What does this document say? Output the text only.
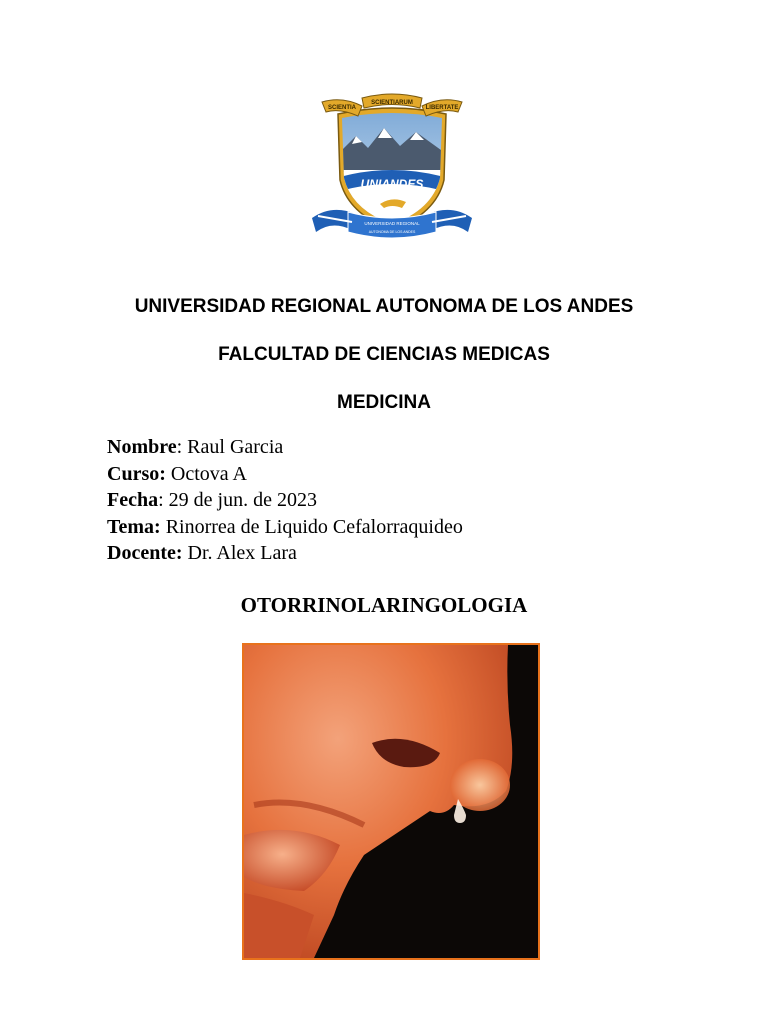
SCIENTIA
SCIENTIARUM
LIBERTATE
UNIANDES
UNIVERSIDAD REGIONAL
AUTONOMA DE LOS ANDES
UNIVERSIDAD REGIONAL AUTONOMA DE LOS ANDES
FALCULTAD DE CIENCIAS MEDICAS
MEDICINA
Nombre: Raul Garcia
Curso: Octova A
Fecha: 29 de jun. de 2023
Tema: Rinorrea de Liquido Cefalorraquideo
Docente: Dr. Alex Lara
OTORRINOLARINGOLOGIA
